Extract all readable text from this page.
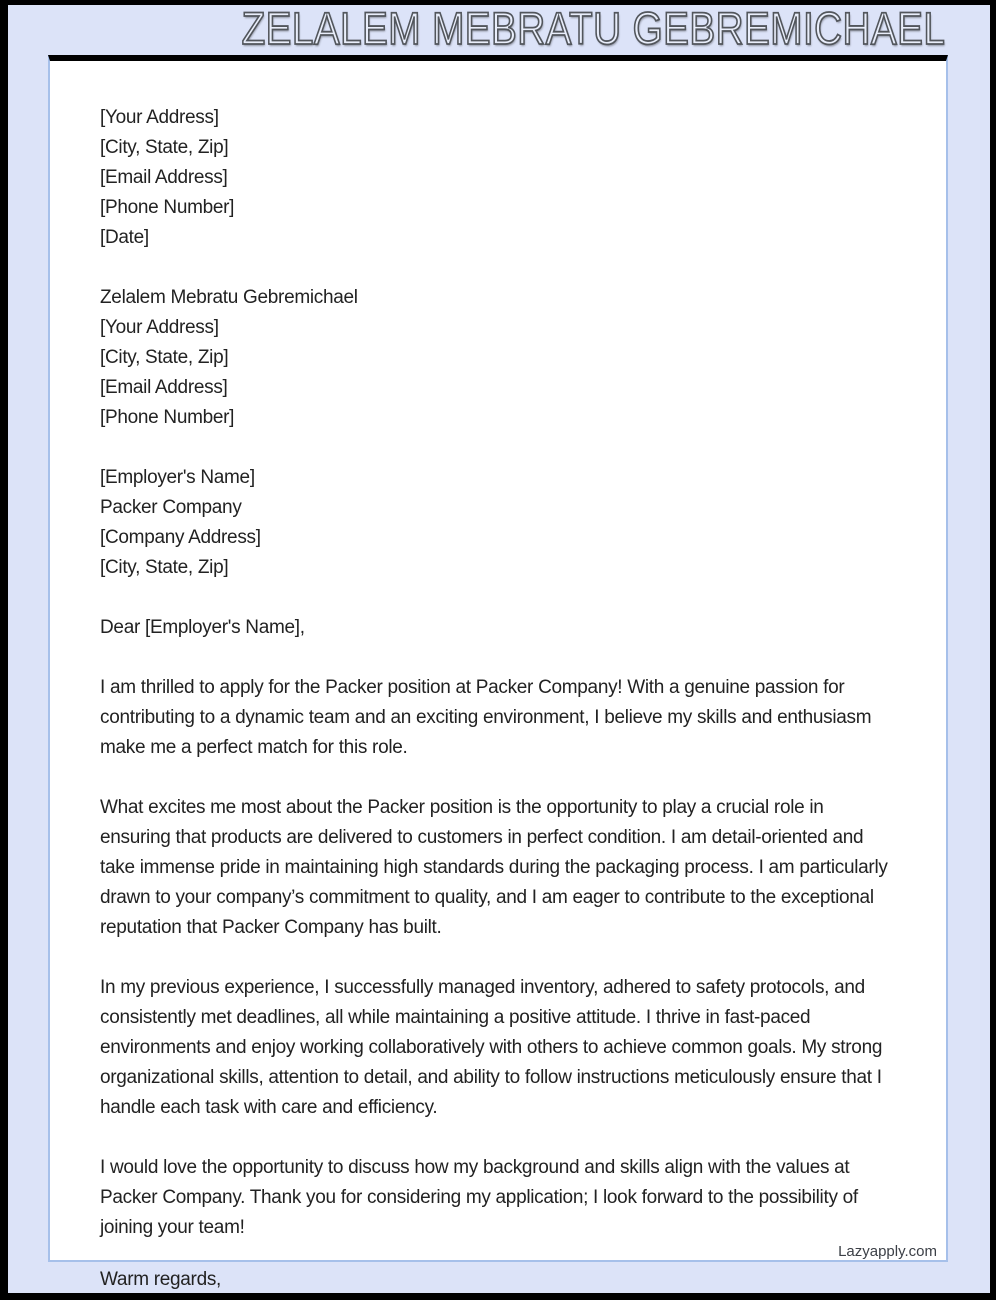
ZELALEM MEBRATU GEBREMICHAEL
[Your Address]
[City, State, Zip]
[Email Address]
[Phone Number]
[Date]
Zelalem Mebratu Gebremichael
[Your Address]
[City, State, Zip]
[Email Address]
[Phone Number]
[Employer's Name]
Packer Company
[Company Address]
[City, State, Zip]

Dear [Employer's Name],

I am thrilled to apply for the Packer position at Packer Company! With a genuine passion for contributing to a dynamic team and an exciting environment, I believe my skills and enthusiasm make me a perfect match for this role.

What excites me most about the Packer position is the opportunity to play a crucial role in ensuring that products are delivered to customers in perfect condition. I am detail-oriented and take immense pride in maintaining high standards during the packaging process. I am particularly drawn to your company’s commitment to quality, and I am eager to contribute to the exceptional reputation that Packer Company has built.

In my previous experience, I successfully managed inventory, adhered to safety protocols, and consistently met deadlines, all while maintaining a positive attitude. I thrive in fast-paced environments and enjoy working collaboratively with others to achieve common goals. My strong organizational skills, attention to detail, and ability to follow instructions meticulously ensure that I handle each task with care and efficiency.

I would love the opportunity to discuss how my background and skills align with the values at Packer Company. Thank you for considering my application; I look forward to the possibility of joining your team!

Lazyapply.com

Warm regards,
